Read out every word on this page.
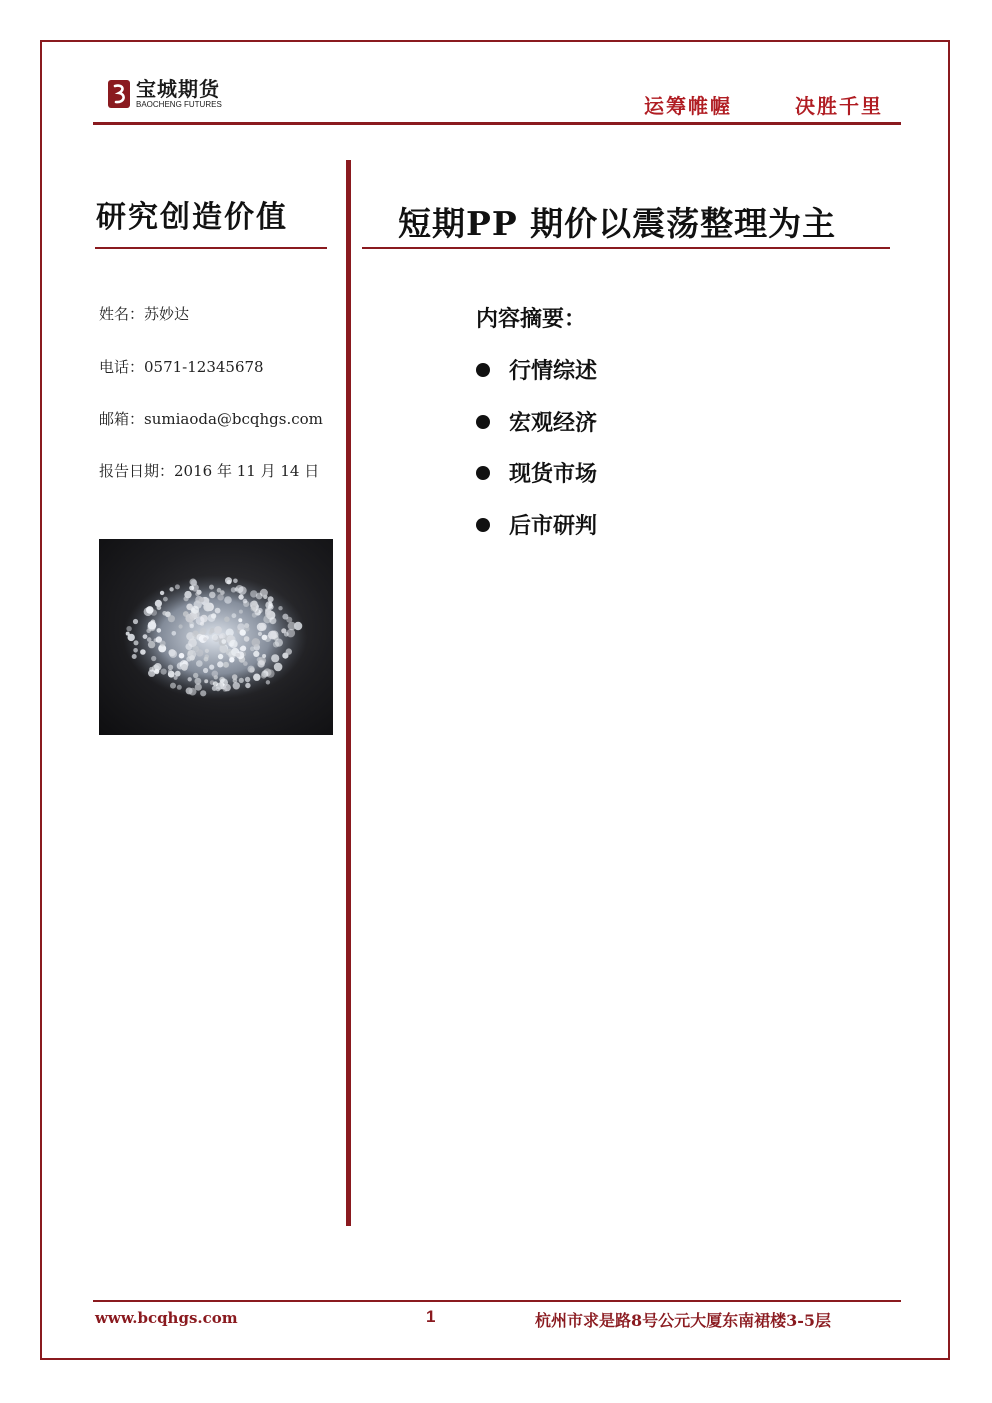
宝城期货
BAOCHENG FUTURES	运筹帷幄	决胜千里
研究创造价值
姓名：苏妙达
电话：0571-12345678
邮箱：sumiaoda@bcqhgs.com
报告日期：2016 年 11 月 14 日
短期PP 期价以震荡整理为主
内容摘要：
行情综述
宏观经济
现货市场
后市研判
www.bcqhgs.com	1	杭州市求是路8号公元大厦东南裙楼3-5层
